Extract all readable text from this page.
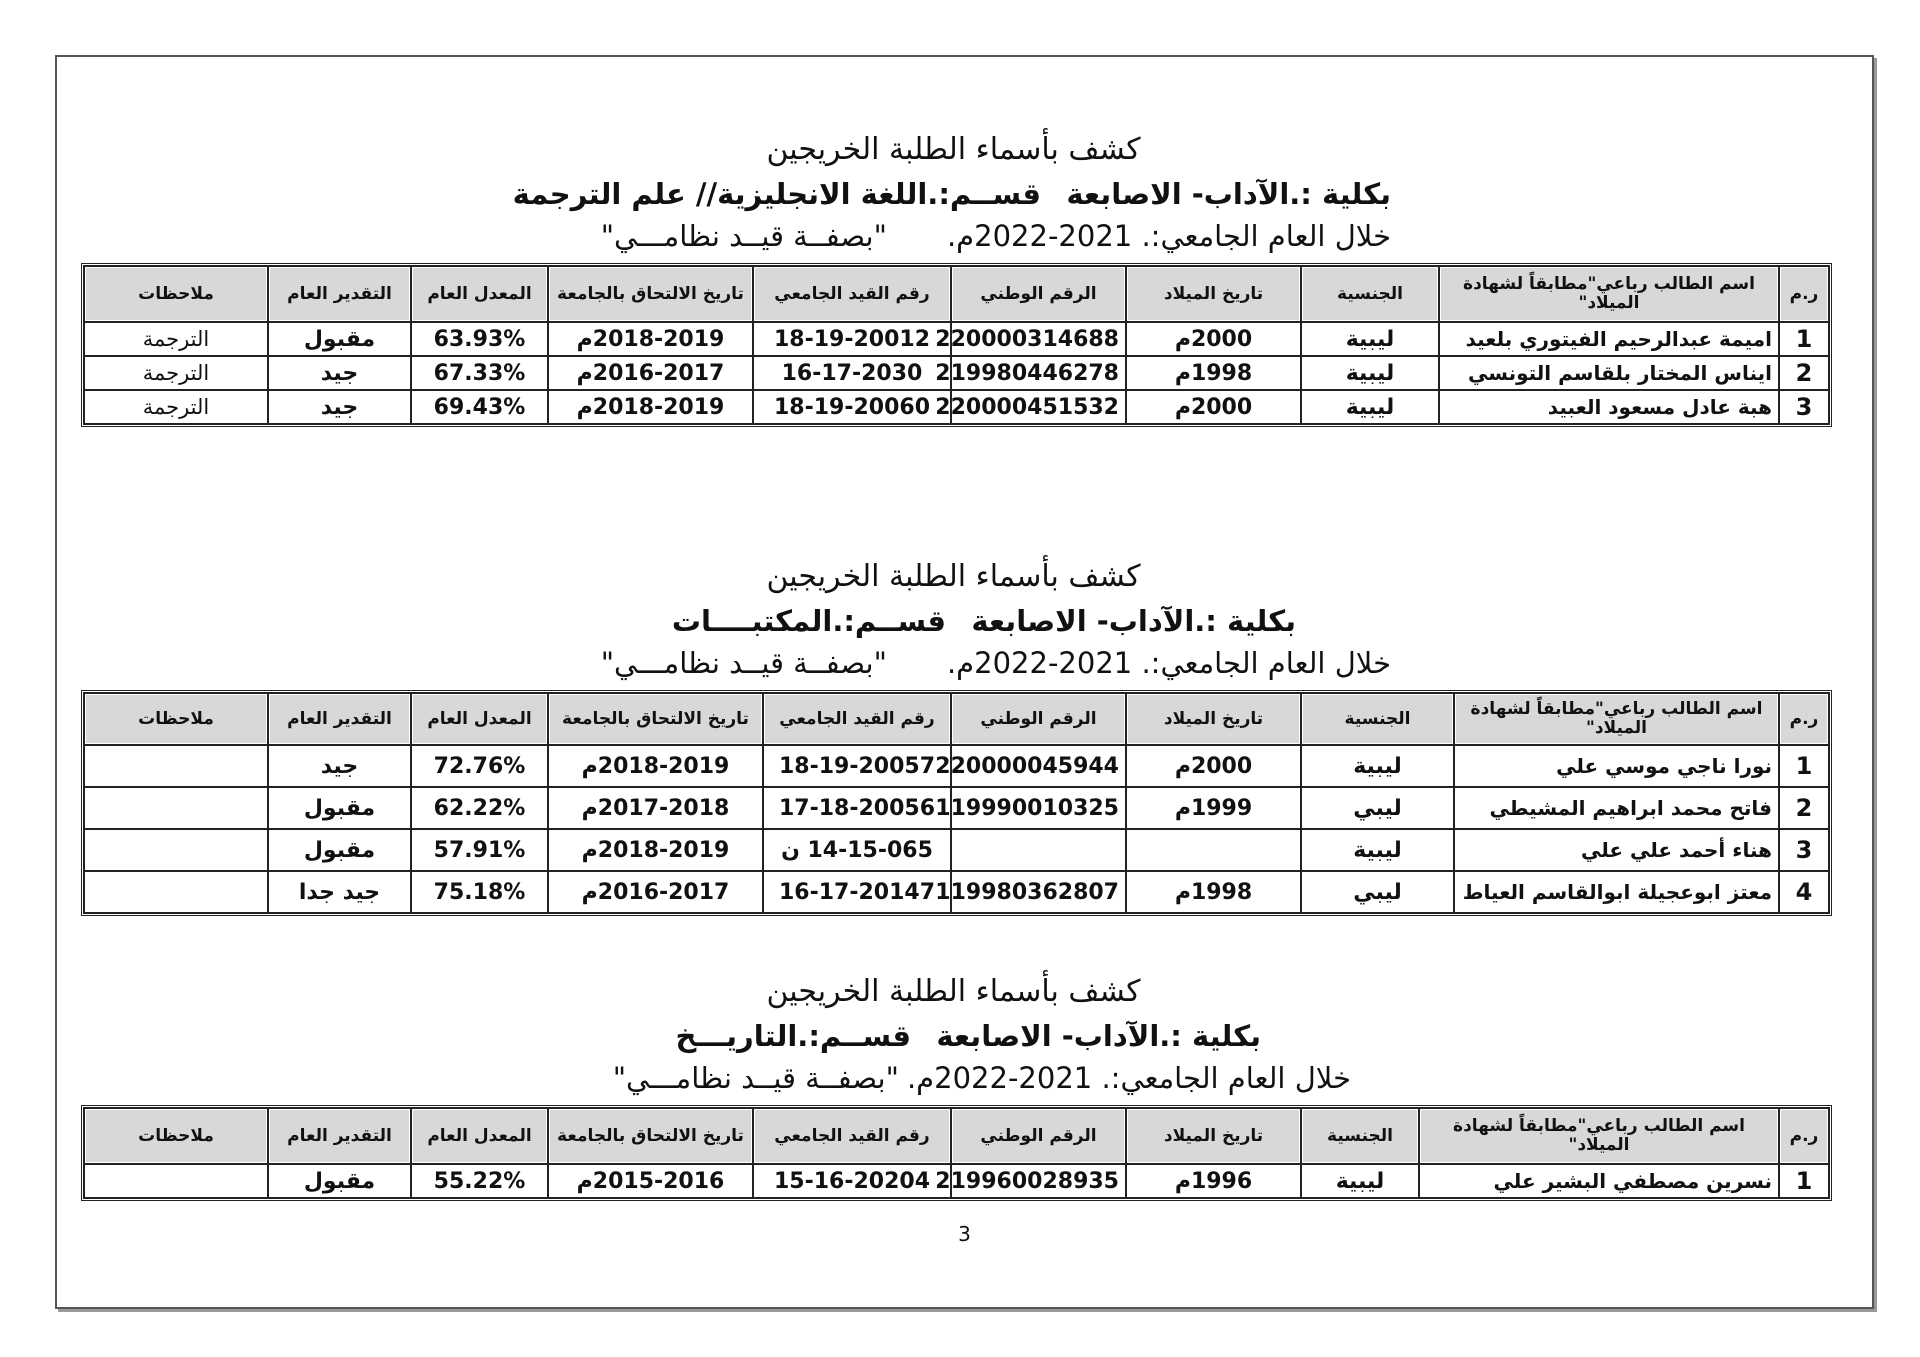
كشف بأسماء الطلبة الخريجين
بكلية :.الآداب- الاصابعة
قســم:.اللغة الانجليزية// علم الترجمة
خلال العام الجامعي:. 2021-2022م."بصفــة قيــد نظامـــي"
ر.م	اسم الطالب رباعي"مطابقاً لشهادة الميلاد"	الجنسية	تاريخ الميلاد	الرقم الوطني	رقم القيد الجامعي	تاريخ الالتحاق بالجامعة	المعدل العام	التقدير العام	ملاحظات
1	اميمة عبدالرحيم الفيتوري بلعيد	ليبية	2000م	220000314688	18-19-20012	2018-2019م	63.93%	مقبول	الترجمة
2	ايناس المختار بلقاسم التونسي	ليبية	1998م	219980446278	16-17-2030	2016-2017م	67.33%	جيد	الترجمة
3	هبة عادل مسعود العبيد	ليبية	2000م	220000451532	18-19-20060	2018-2019م	69.43%	جيد	الترجمة
كشف بأسماء الطلبة الخريجين
بكلية :.الآداب- الاصابعة
قســم:.المكتبــــات
خلال العام الجامعي:. 2021-2022م."بصفــة قيــد نظامـــي"
ر.م	اسم الطالب رباعي"مطابقاً لشهادة الميلاد"	الجنسية	تاريخ الميلاد	الرقم الوطني	رقم القيد الجامعي	تاريخ الالتحاق بالجامعة	المعدل العام	التقدير العام	ملاحظات
1	نورا ناجي موسي علي	ليبية	2000م	220000045944	18-19-20057	2018-2019م	72.76%	جيد	
2	فاتح محمد ابراهيم المشيطي	ليبي	1999م	119990010325	17-18-20056	2017-2018م	62.22%	مقبول	
3	هناء أحمد علي علي	ليبية			14-15-065 ن	2018-2019م	57.91%	مقبول	
4	معتز ابوعجيلة ابوالقاسم العياط	ليبي	1998م	119980362807	16-17-20147	2016-2017م	75.18%	جيد جدا	
كشف بأسماء الطلبة الخريجين
بكلية :.الآداب- الاصابعة
قســم:.التاريـــخ
خلال العام الجامعي:. 2021-2022م."بصفــة قيــد نظامـــي"
ر.م	اسم الطالب رباعي"مطابقاً لشهادة الميلاد"	الجنسية	تاريخ الميلاد	الرقم الوطني	رقم القيد الجامعي	تاريخ الالتحاق بالجامعة	المعدل العام	التقدير العام	ملاحظات
1	نسرين مصطفي البشير علي	ليبية	1996م	219960028935	15-16-20204	2015-2016م	55.22%	مقبول	
3
